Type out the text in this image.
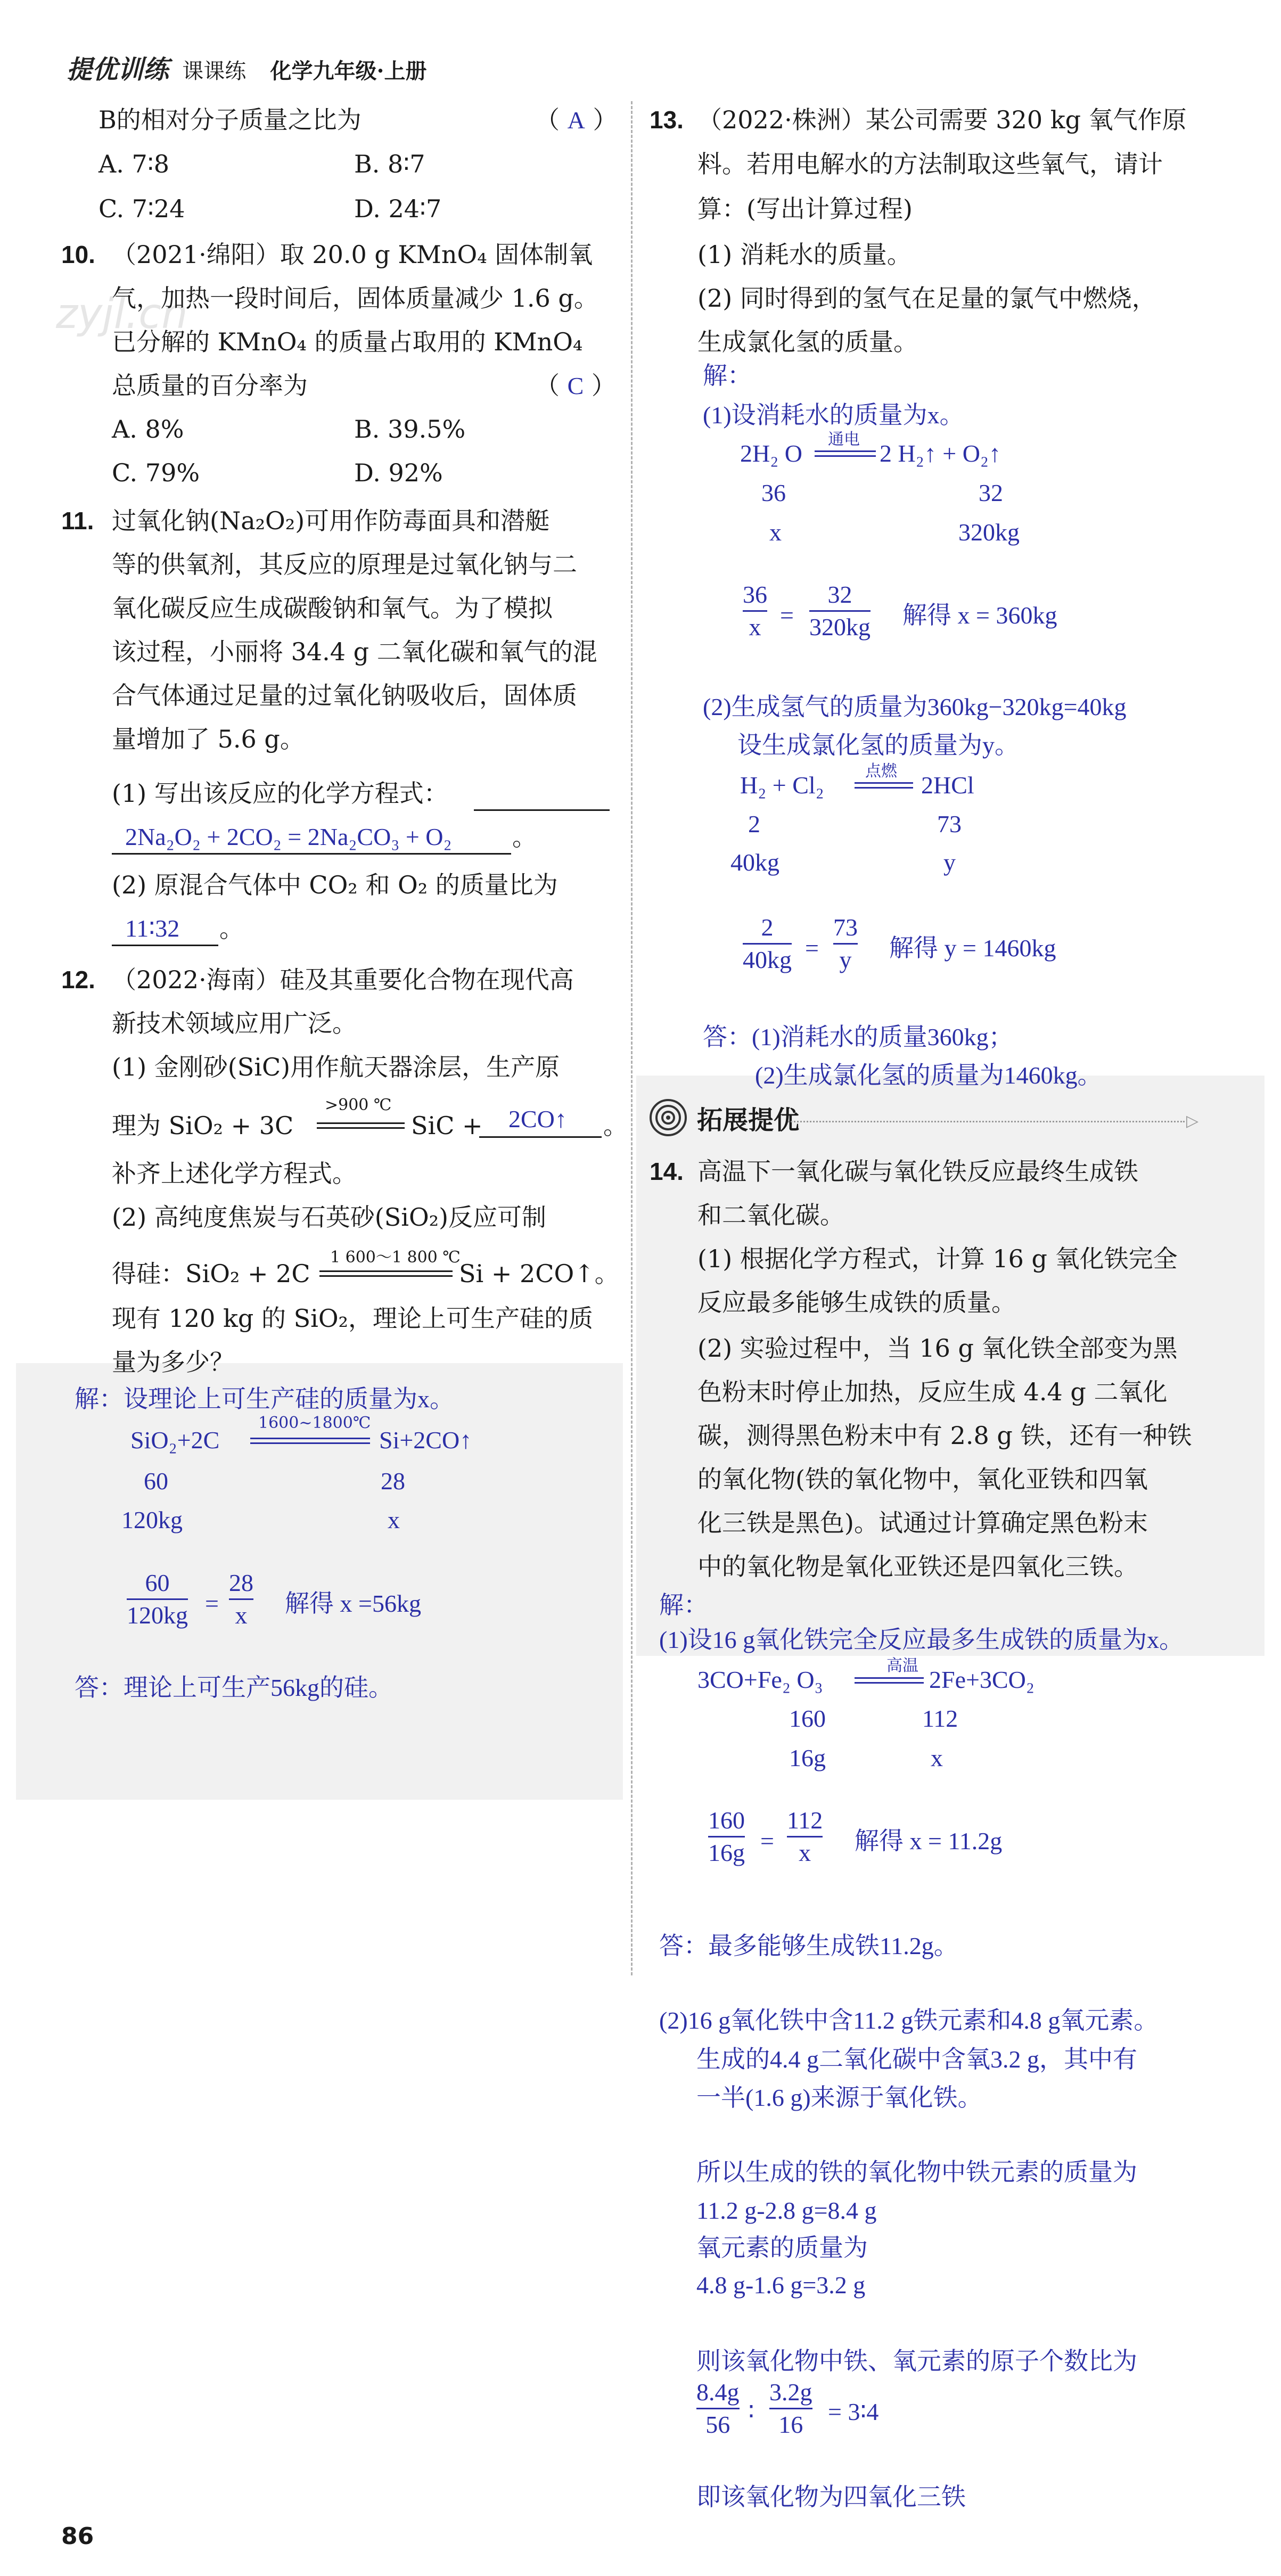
zyjl.cn
提优训练 课课练 化学九年级·上册
B的相对分子质量之比为	（ A ）
A. 7∶8	B. 8∶7
C. 7∶24	D. 24∶7
10. （2021·绵阳）取 20.0 g KMnO₄ 固体制氧
气，加热一段时间后，固体质量减少 1.6 g。
已分解的 KMnO₄ 的质量占取用的 KMnO₄
总质量的百分率为	（ C ）
A. 8%	B. 39.5%
C. 79%	D. 92%
11. 过氧化钠(Na₂O₂)可用作防毒面具和潜艇
等的供氧剂，其反应的原理是过氧化钠与二
氧化碳反应生成碳酸钠和氧气。为了模拟
该过程，小丽将 34.4 g 二氧化碳和氧气的混
合气体通过足量的过氧化钠吸收后，固体质
量增加了 5.6 g。
(1) 写出该反应的化学方程式：
2Na₂O₂ + 2CO₂ = 2Na₂CO₃ + O₂ 。
(2) 原混合气体中 CO₂ 和 O₂ 的质量比为
11∶32 。
12. （2022·海南）硅及其重要化合物在现代高
新技术领域应用广泛。
(1) 金刚砂(SiC)用作航天器涂层，生产原
理为 SiO₂ + 3C
>900 ℃
SiC + 2CO↑ 。
补齐上述化学方程式。
(2) 高纯度焦炭与石英砂(SiO₂)反应可制
得硅：SiO₂ + 2C
1 600～1 800 ℃
Si + 2CO↑。
现有 120 kg 的 SiO₂，理论上可生产硅的质
量为多少？
解：设理论上可生产硅的质量为x。
SiO₂+2C
1600~1800℃
Si+2CO↑
60	28
120kg	x
60
120kg =
28
x 解得 x =56kg
答：理论上可生产56kg的硅。
13. （2022·株洲）某公司需要 320 kg 氧气作原
料。若用电解水的方法制取这些氧气，请计
算：(写出计算过程)
(1) 消耗水的质量。
(2) 同时得到的氢气在足量的氯气中燃烧，
生成氯化氢的质量。
解：
(1)设消耗水的质量为x。
2H₂ O
通电
2 H₂↑ + O₂↑
36	32
x	320kg
36
x =
32
320kg 解得 x = 360kg
(2)生成氢气的质量为360kg−320kg=40kg
设生成氯化氢的质量为y。
H₂ + Cl₂
点燃
2HCl
2	73
40kg	y
2
40kg =
73
y 解得 y = 1460kg
答：(1)消耗水的质量360kg；
(2)生成氯化氢的质量为1460kg。
拓展提优	▷
14. 高温下一氧化碳与氧化铁反应最终生成铁
和二氧化碳。
(1) 根据化学方程式，计算 16 g 氧化铁完全
反应最多能够生成铁的质量。
(2) 实验过程中，当 16 g 氧化铁全部变为黑
色粉末时停止加热，反应生成 4.4 g 二氧化
碳，测得黑色粉末中有 2.8 g 铁，还有一种铁
的氧化物(铁的氧化物中，氧化亚铁和四氧
化三铁是黑色)。试通过计算确定黑色粉末
中的氧化物是氧化亚铁还是四氧化三铁。
解：
(1)设16 g氧化铁完全反应最多生成铁的质量为x。
3CO+Fe₂ O₃
高温
2Fe+3CO₂
160	112
16g	x
160
16g =
112
x 解得 x = 11.2g
答：最多能够生成铁11.2g。
(2)16 g氧化铁中含11.2 g铁元素和4.8 g氧元素。
生成的4.4 g二氧化碳中含氧3.2 g，其中有
一半(1.6 g)来源于氧化铁。
所以生成的铁的氧化物中铁元素的质量为
11.2 g-2.8 g=8.4 g
氧元素的质量为
4.8 g-1.6 g=3.2 g
则该氧化物中铁、氧元素的原子个数比为
8.4g
56 ∶
3.2g
16 = 3∶4
即该氧化物为四氧化三铁
86
